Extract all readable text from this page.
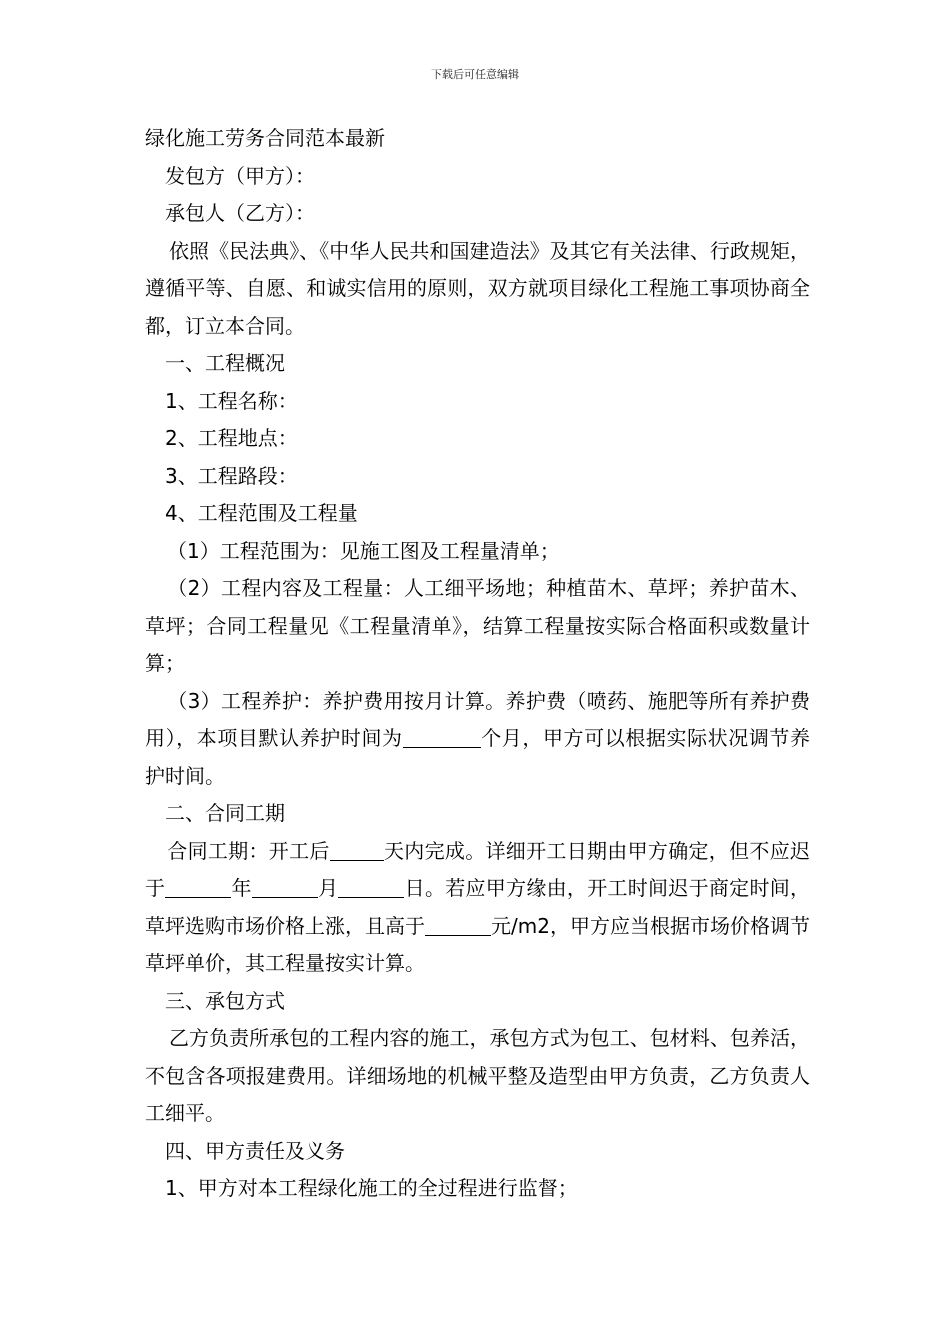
下载后可任意编辑
绿化施工劳务合同范本最新
发包方（甲方）：
承包人（乙方）：
依照《民法典》、《中华人民共和国建造法》及其它有关法律、行政规矩，遵循平等、自愿、和诚实信用的原则，双方就项目绿化工程施工事项协商全都，订立本合同。
一、工程概况
1、工程名称：
2、工程地点：
3、工程路段：
4、工程范围及工程量
（1）工程范围为：见施工图及工程量清单；
（2）工程内容及工程量：人工细平场地；种植苗木、草坪；养护苗木、草坪；合同工程量见《工程量清单》，结算工程量按实际合格面积或数量计算；
（3）工程养护：养护费用按月计算。养护费（喷药、施肥等所有养护费用），本项目默认养护时间为	个月，甲方可以根据实际状况调节养护时间。
二、合同工期
合同工期：开工后	天内完成。详细开工日期由甲方确定，但不应迟于	年	月	日。若应甲方缘由，开工时间迟于商定时间，草坪选购市场价格上涨，且高于	元/m2，甲方应当根据市场价格调节草坪单价，其工程量按实计算。
三、承包方式
乙方负责所承包的工程内容的施工，承包方式为包工、包材料、包养活，不包含各项报建费用。详细场地的机械平整及造型由甲方负责，乙方负责人工细平。
四、甲方责任及义务
1、甲方对本工程绿化施工的全过程进行监督；
